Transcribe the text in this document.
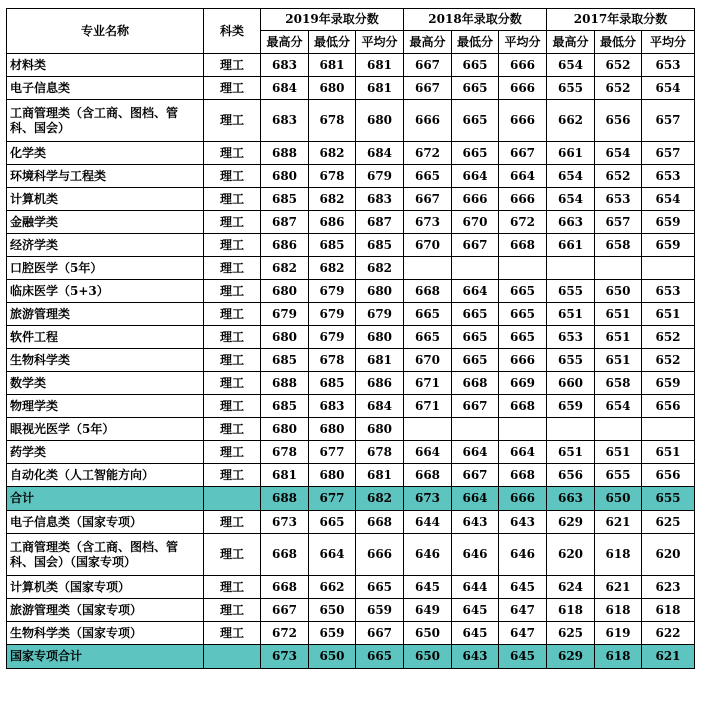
专业名称	科类	2019年录取分数			2018年录取分数			2017年录取分数		
		最高分	最低分	平均分	最高分	最低分	平均分	最高分	最低分	平均分
材料类	理工	683	681	681	667	665	666	654	652	653
电子信息类	理工	684	680	681	667	665	666	655	652	654
工商管理类（含工商、图档、管科、国会）	理工	683	678	680	666	665	666	662	656	657
化学类	理工	688	682	684	672	665	667	661	654	657
环境科学与工程类	理工	680	678	679	665	664	664	654	652	653
计算机类	理工	685	682	683	667	666	666	654	653	654
金融学类	理工	687	686	687	673	670	672	663	657	659
经济学类	理工	686	685	685	670	667	668	661	658	659
口腔医学（5年）	理工	682	682	682						
临床医学（5+3）	理工	680	679	680	668	664	665	655	650	653
旅游管理类	理工	679	679	679	665	665	665	651	651	651
软件工程	理工	680	679	680	665	665	665	653	651	652
生物科学类	理工	685	678	681	670	665	666	655	651	652
数学类	理工	688	685	686	671	668	669	660	658	659
物理学类	理工	685	683	684	671	667	668	659	654	656
眼视光医学（5年）	理工	680	680	680						
药学类	理工	678	677	678	664	664	664	651	651	651
自动化类（人工智能方向）	理工	681	680	681	668	667	668	656	655	656
合计		688	677	682	673	664	666	663	650	655
电子信息类（国家专项）	理工	673	665	668	644	643	643	629	621	625
工商管理类（含工商、图档、管科、国会）（国家专项）	理工	668	664	666	646	646	646	620	618	620
计算机类（国家专项）	理工	668	662	665	645	644	645	624	621	623
旅游管理类（国家专项）	理工	667	650	659	649	645	647	618	618	618
生物科学类（国家专项）	理工	672	659	667	650	645	647	625	619	622
国家专项合计		673	650	665	650	643	645	629	618	621
